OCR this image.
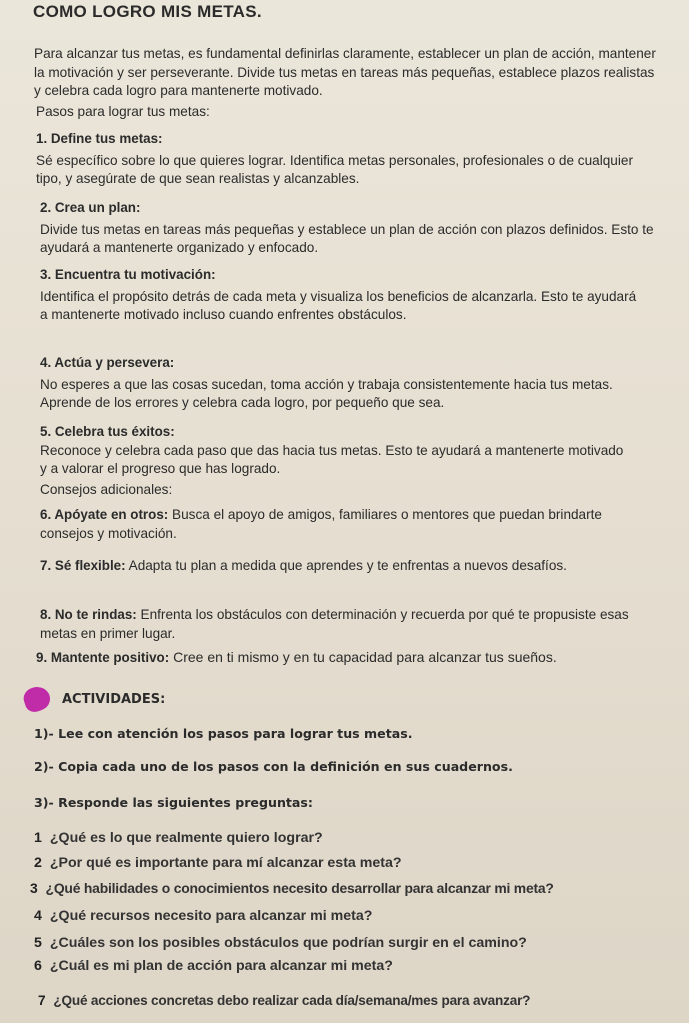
COMO LOGRO MIS METAS.
Para alcanzar tus metas, es fundamental definirlas claramente, establecer un plan de acción, mantener la motivación y ser perseverante. Divide tus metas en tareas más pequeñas, establece plazos realistas y celebra cada logro para mantenerte motivado.
Pasos para lograr tus metas:
1. Define tus metas:
Sé específico sobre lo que quieres lograr. Identifica metas personales, profesionales o de cualquier tipo, y asegúrate de que sean realistas y alcanzables.
2. Crea un plan:
Divide tus metas en tareas más pequeñas y establece un plan de acción con plazos definidos. Esto te ayudará a mantenerte organizado y enfocado.
3. Encuentra tu motivación:
Identifica el propósito detrás de cada meta y visualiza los beneficios de alcanzarla. Esto te ayudará a mantenerte motivado incluso cuando enfrentes obstáculos.
4. Actúa y persevera:
No esperes a que las cosas sucedan, toma acción y trabaja consistentemente hacia tus metas. Aprende de los errores y celebra cada logro, por pequeño que sea.
5. Celebra tus éxitos:
Reconoce y celebra cada paso que das hacia tus metas. Esto te ayudará a mantenerte motivado y a valorar el progreso que has logrado.
Consejos adicionales:
6. Apóyate en otros: Busca el apoyo de amigos, familiares o mentores que puedan brindarte consejos y motivación.
7. Sé flexible: Adapta tu plan a medida que aprendes y te enfrentas a nuevos desafíos.
8. No te rindas: Enfrenta los obstáculos con determinación y recuerda por qué te propusiste esas metas en primer lugar.
9. Mantente positivo: Cree en ti mismo y en tu capacidad para alcanzar tus sueños.
ACTIVIDADES:
1)- Lee con atención los pasos para lograr tus metas.
2)- Copia cada uno de los pasos con la definición en sus cuadernos.
3)- Responde las siguientes preguntas:
1 ¿Qué es lo que realmente quiero lograr?
2 ¿Por qué es importante para mí alcanzar esta meta?
3 ¿Qué habilidades o conocimientos necesito desarrollar para alcanzar mi meta?
4 ¿Qué recursos necesito para alcanzar mi meta?
5 ¿Cuáles son los posibles obstáculos que podrían surgir en el camino?
6 ¿Cuál es mi plan de acción para alcanzar mi meta?
7 ¿Qué acciones concretas debo realizar cada día/semana/mes para avanzar?
